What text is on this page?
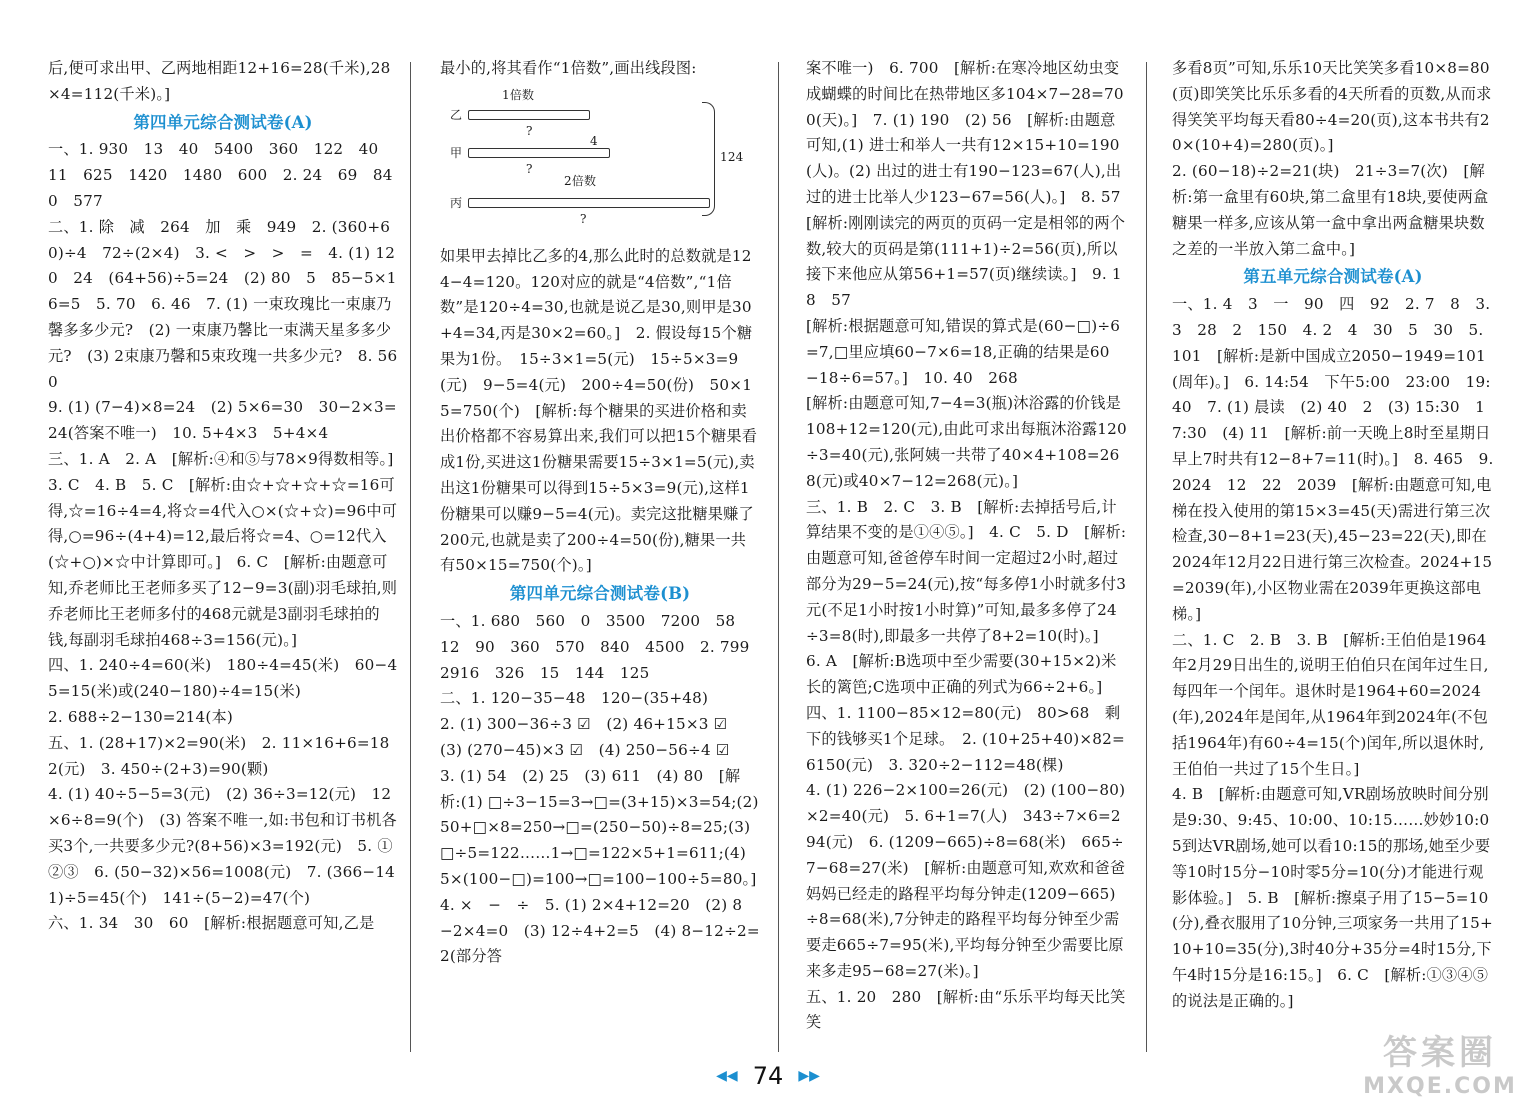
后,便可求出甲、乙两地相距12+16=28(千米),28×4=112(千米)。]

第四单元综合测试卷(A)

一、1. 930　13　40　5400　360　122　40　11　625　1420　1480　600　2. 24　69　840　577

二、1. 除　减　264　加　乘　949　2. (360+60)÷4　72÷(2×4)　3. <　>　>　=　4. (1) 120　24　(64+56)÷5=24　(2) 80　5　85−5×16=5　5. 70　6. 46　7. (1) 一束玫瑰比一束康乃馨多多少元?　(2) 一束康乃馨比一束满天星多多少元?　(3) 2束康乃馨和5束玫瑰一共多少元?　8. 560

9. (1) (7−4)×8=24　(2) 5×6=30　30−2×3=24(答案不唯一)　10. 5+4×3　5+4×4

三、1. A　2. A　[解析:④和⑤与78×9得数相等。]　3. C　4. B　5. C　[解析:由☆+☆+☆+☆=16可得,☆=16÷4=4,将☆=4代入○×(☆+☆)=96中可得,○=96÷(4+4)=12,最后将☆=4、○=12代入(☆+○)×☆中计算即可。]　6. C　[解析:由题意可知,乔老师比王老师多买了12−9=3(副)羽毛球拍,则乔老师比王老师多付的468元就是3副羽毛球拍的钱,每副羽毛球拍468÷3=156(元)。]

四、1. 240÷4=60(米)　180÷4=45(米)　60−45=15(米)或(240−180)÷4=15(米)

2. 688÷2−130=214(本)

五、1. (28+17)×2=90(米)　2. 11×16+6=182(元)　3. 450÷(2+3)=90(颗)

4. (1) 40÷5−5=3(元)　(2) 36÷3=12(元)　12×6÷8=9(个)　(3) 答案不唯一,如:书包和订书机各买3个,一共要多少元?(8+56)×3=192(元)　5. ①②③　6. (50−32)×56=1008(元)　7. (366−141)÷5=45(个)　141÷(5−2)=47(个)

六、1. 34　30　60　[解析:根据题意可知,乙是

最小的,将其看作“1倍数”,画出线段图:

1倍数
乙
?
甲
4
?
2倍数
丙
?
124

如果甲去掉比乙多的4,那么此时的总数就是124−4=120。120对应的就是“4倍数”,“1倍数”是120÷4=30,也就是说乙是30,则甲是30+4=34,丙是30×2=60。]　2. 假设每15个糖果为1份。　15÷3×1=5(元)　15÷5×3=9(元)　9−5=4(元)　200÷4=50(份)　50×15=750(个)　[解析:每个糖果的买进价格和卖出价格都不容易算出来,我们可以把15个糖果看成1份,买进这1份糖果需要15÷3×1=5(元),卖出这1份糖果可以得到15÷5×3=9(元),这样1份糖果可以赚9−5=4(元)。卖完这批糖果赚了200元,也就是卖了200÷4=50(份),糖果一共有50×15=750(个)。]

第四单元综合测试卷(B)

一、1. 680　560　0　3500　7200　58　12　90　360　570　840　4500　2. 799　2916　326　15　144　125

二、1. 120−35−48　120−(35+48)

2. (1) 300−36÷3 ☑　(2) 46+15×3 ☑

(3) (270−45)×3 ☑　(4) 250−56÷4 ☑

3. (1) 54　(2) 25　(3) 611　(4) 80　[解析:(1) □÷3−15=3→□=(3+15)×3=54;(2) 50+□×8=250→□=(250−50)÷8=25;(3) □÷5=122……1→□=122×5+1=611;(4) 5×(100−□)=100→□=100−100÷5=80。]　4. ×　−　÷　5. (1) 2×4+12=20　(2) 8−2×4=0　(3) 12÷4+2=5　(4) 8−12÷2=2(部分答

案不唯一)　6. 700　[解析:在寒冷地区幼虫变成蝴蝶的时间比在热带地区多104×7−28=700(天)。]　7. (1) 190　(2) 56　[解析:由题意可知,(1) 进士和举人一共有12×15+10=190(人)。(2) 出过的进士有190−123=67(人),出过的进士比举人少123−67=56(人)。]　8. 57　[解析:刚刚读完的两页的页码一定是相邻的两个数,较大的页码是第(111+1)÷2=56(页),所以接下来他应从第56+1=57(页)继续读。]　9. 18　57

[解析:根据题意可知,错误的算式是(60−□)÷6=7,□里应填60−7×6=18,正确的结果是60−18÷6=57。]　10. 40　268

[解析:由题意可知,7−4=3(瓶)沐浴露的价钱是108+12=120(元),由此可求出每瓶沐浴露120÷3=40(元),张阿姨一共带了40×4+108=268(元)或40×7−12=268(元)。]

三、1. B　2. C　3. B　[解析:去掉括号后,计算结果不变的是①④⑤。]　4. C　5. D　[解析:由题意可知,爸爸停车时间一定超过2小时,超过部分为29−5=24(元),按“每多停1小时就多付3元(不足1小时按1小时算)”可知,最多多停了24÷3=8(时),即最多一共停了8+2=10(时)。]　6. A　[解析:B选项中至少需要(30+15×2)米长的篱笆;C选项中正确的列式为66÷2+6。]

四、1. 1100−85×12=80(元)　80>68　剩下的钱够买1个足球。　2. (10+25+40)×82=6150(元)　3. 320÷2−112=48(棵)

4. (1) 226−2×100=26(元)　(2) (100−80)×2=40(元)　5. 6+1=7(人)　343÷7×6=294(元)　6. (1209−665)÷8=68(米)　665÷7−68=27(米)　[解析:由题意可知,欢欢和爸爸妈妈已经走的路程平均每分钟走(1209−665)÷8=68(米),7分钟走的路程平均每分钟至少需要走665÷7=95(米),平均每分钟至少需要比原来多走95−68=27(米)。]

五、1. 20　280　[解析:由“乐乐平均每天比笑笑

多看8页”可知,乐乐10天比笑笑多看10×8=80(页)即笑笑比乐乐多看的4天所看的页数,从而求得笑笑平均每天看80÷4=20(页),这本书共有20×(10+4)=280(页)。]

2. (60−18)÷2=21(块)　21÷3=7(次)　[解析:第一盒里有60块,第二盒里有18块,要使两盒糖果一样多,应该从第一盒中拿出两盒糖果块数之差的一半放入第二盒中。]

第五单元综合测试卷(A)

一、1. 4　3　一　90　四　92　2. 7　8　3. 3　28　2　150　4. 2　4　30　5　30　5. 101　[解析:是新中国成立2050−1949=101(周年)。]　6. 14:54　下午5:00　23:00　19:40　7. (1) 晨读　(2) 40　2　(3) 15:30　17:30　(4) 11　[解析:前一天晚上8时至星期日早上7时共有12−8+7=11(时)。]　8. 465　9. 2024　12　22　2039　[解析:由题意可知,电梯在投入使用的第15×3=45(天)需进行第三次检查,30−8+1=23(天),45−23=22(天),即在2024年12月22日进行第三次检查。2024+15=2039(年),小区物业需在2039年更换这部电梯。]

二、1. C　2. B　3. B　[解析:王伯伯是1964年2月29日出生的,说明王伯伯只在闰年过生日,每四年一个闰年。退休时是1964+60=2024(年),2024年是闰年,从1964年到2024年(不包括1964年)有60÷4=15(个)闰年,所以退休时,王伯伯一共过了15个生日。]

4. B　[解析:由题意可知,VR剧场放映时间分别是9:30、9:45、10:00、10:15……妙妙10:05到达VR剧场,她可以看10:15的那场,她至少要等10时15分−10时零5分=10(分)才能进行观影体验。]　5. B　[解析:擦桌子用了15−5=10(分),叠衣服用了10分钟,三项家务一共用了15+10+10=35(分),3时40分+35分=4时15分,下午4时15分是16:15。]　6. C　[解析:①③④⑤的说法是正确的。]

◀◀ 74 ▶▶
答案圈
MXQE.COM
